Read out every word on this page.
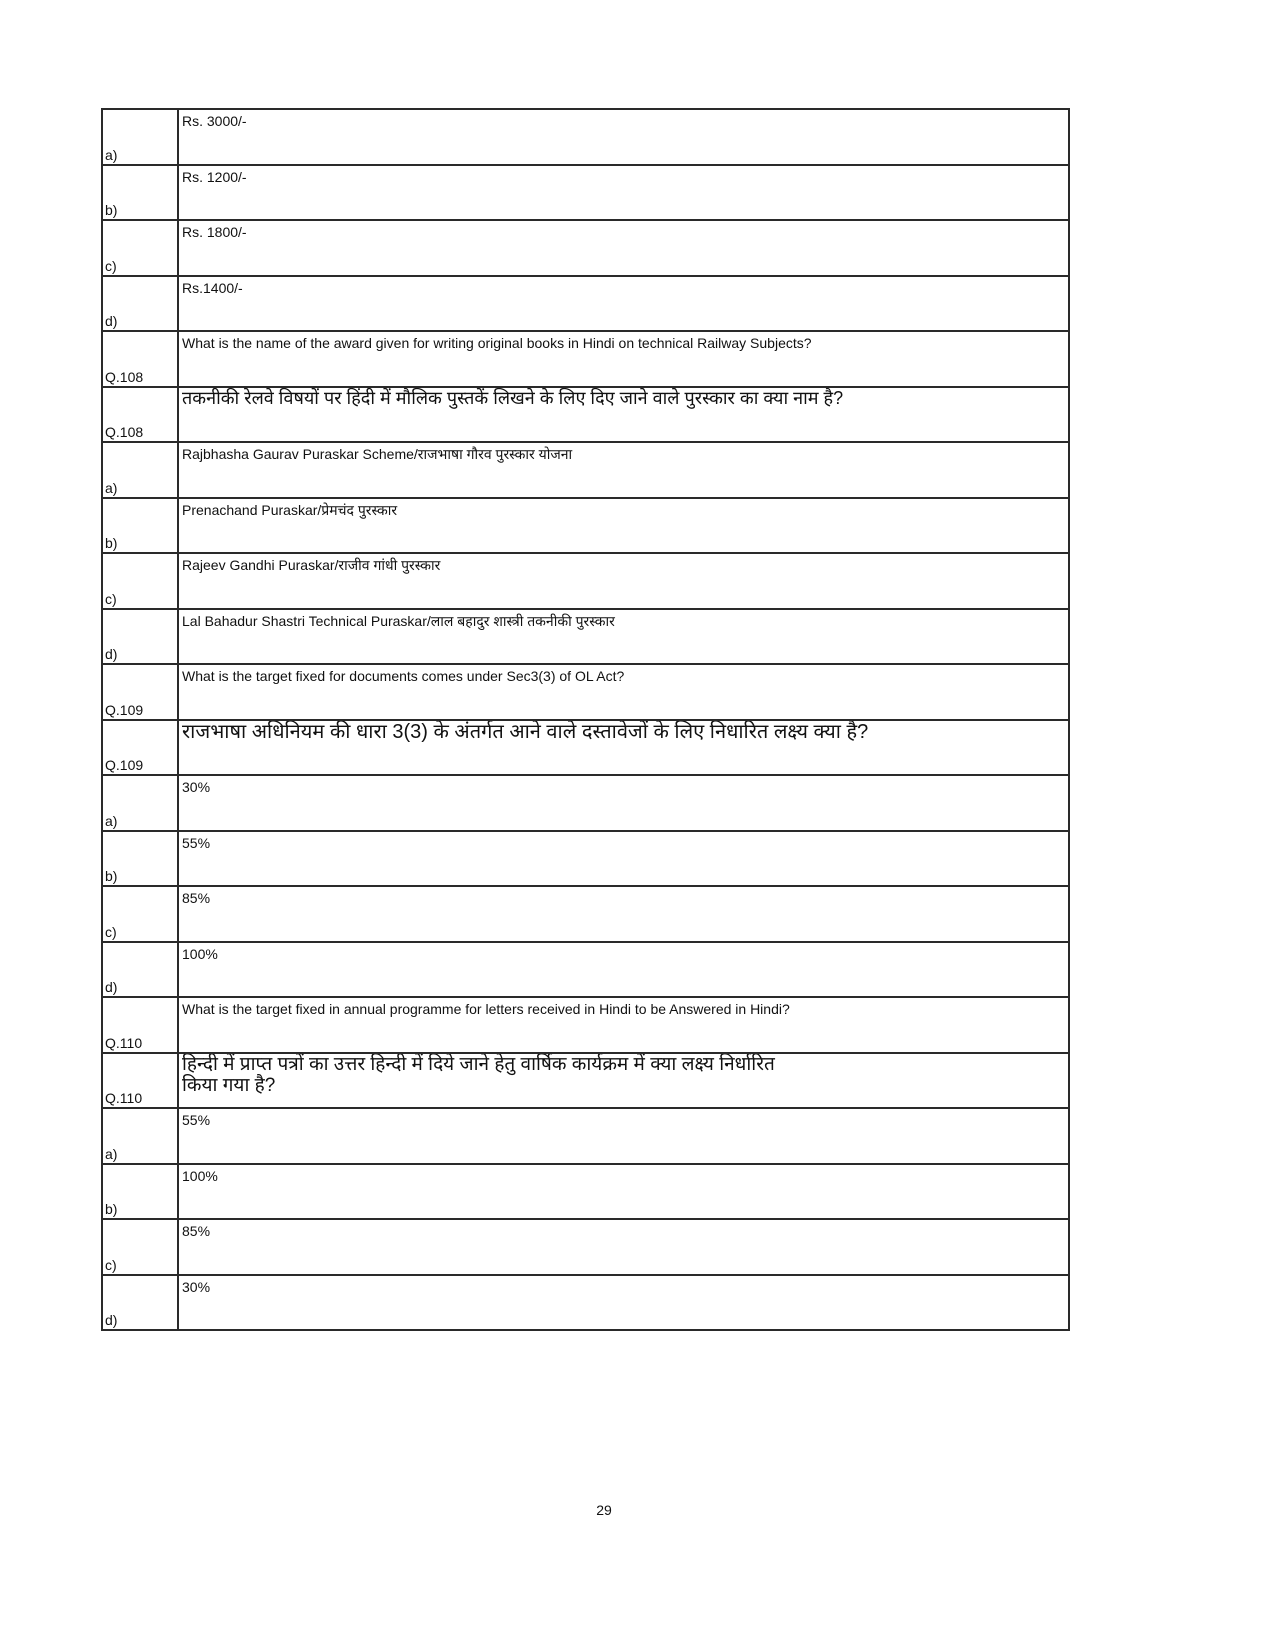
a)	Rs. 3000/-

b)	Rs. 1200/-

c)	Rs. 1800/-

d)	Rs.1400/-

Q.108	What is the name of the award given for writing original books in Hindi on technical Railway Subjects?

Q.108	तकनीकी रेलवे विषयों पर हिंदी में मौलिक पुस्तकें लिखने के लिए दिए जाने वाले पुरस्कार का क्या नाम है?

a)	Rajbhasha Gaurav Puraskar Scheme/राजभाषा गौरव पुरस्कार योजना

b)	Prenachand Puraskar/प्रेमचंद पुरस्कार

c)	Rajeev Gandhi Puraskar/राजीव गांधी पुरस्कार

d)	Lal Bahadur Shastri Technical Puraskar/लाल बहादुर शास्त्री तकनीकी पुरस्कार

Q.109	What is the target fixed for documents comes under Sec3(3) of OL Act?

Q.109	राजभाषा अधिनियम की धारा 3(3) के अंतर्गत आने वाले दस्तावेजों के लिए निधारित लक्ष्य क्या है?

a)	30%

b)	55%

c)	85%

d)	100%

Q.110	What is the target fixed in annual programme for letters received in Hindi to be Answered in Hindi?

Q.110	हिन्दी में प्राप्त पत्रों का उत्तर हिन्दी में दिये जाने हेतु वार्षिक कार्यक्रम में क्या लक्ष्य निर्धारित किया गया है?

a)	55%

b)	100%

c)	85%

d)	30%
29
